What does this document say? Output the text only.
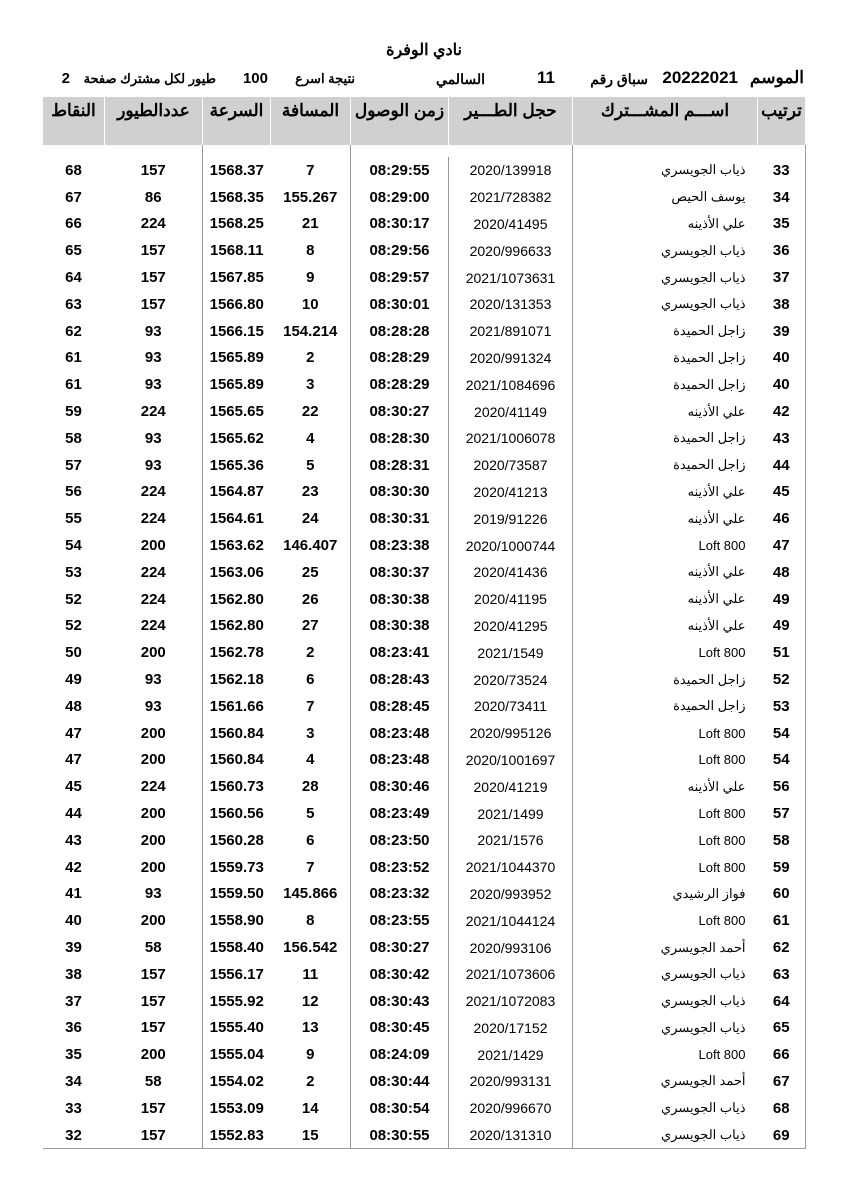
نادي الوفرة
الموسم
20222021
سباق رقم
11
السالمي
نتيجة اسرع
100
طيور لكل مشترك صفحة
2
ترتيب	اســـم المشـــترك	حجل الطـــير	زمن الوصول	المسافة	السرعة	عددالطيور	النقاط

33	ذياب الجويسري	2020/139918	08:29:55	7	1568.37	157	68
34	يوسف الحيص	2021/728382	08:29:00	155.267	1568.35	86	67
35	علي الأذينه	2020/41495	08:30:17	21	1568.25	224	66
36	ذياب الجويسري	2020/996633	08:29:56	8	1568.11	157	65
37	ذياب الجويسري	2021/1073631	08:29:57	9	1567.85	157	64
38	ذياب الجويسري	2020/131353	08:30:01	10	1566.80	157	63
39	زاجل الحميدة	2021/891071	08:28:28	154.214	1566.15	93	62
40	زاجل الحميدة	2020/991324	08:28:29	2	1565.89	93	61
40	زاجل الحميدة	2021/1084696	08:28:29	3	1565.89	93	61
42	علي الأذينه	2020/41149	08:30:27	22	1565.65	224	59
43	زاجل الحميدة	2021/1006078	08:28:30	4	1565.62	93	58
44	زاجل الحميدة	2020/73587	08:28:31	5	1565.36	93	57
45	علي الأذينه	2020/41213	08:30:30	23	1564.87	224	56
46	علي الأذينه	2019/91226	08:30:31	24	1564.61	224	55
47	Loft 800	2020/1000744	08:23:38	146.407	1563.62	200	54
48	علي الأذينه	2020/41436	08:30:37	25	1563.06	224	53
49	علي الأذينه	2020/41195	08:30:38	26	1562.80	224	52
49	علي الأذينه	2020/41295	08:30:38	27	1562.80	224	52
51	Loft 800	2021/1549	08:23:41	2	1562.78	200	50
52	زاجل الحميدة	2020/73524	08:28:43	6	1562.18	93	49
53	زاجل الحميدة	2020/73411	08:28:45	7	1561.66	93	48
54	Loft 800	2020/995126	08:23:48	3	1560.84	200	47
54	Loft 800	2020/1001697	08:23:48	4	1560.84	200	47
56	علي الأذينه	2020/41219	08:30:46	28	1560.73	224	45
57	Loft 800	2021/1499	08:23:49	5	1560.56	200	44
58	Loft 800	2021/1576	08:23:50	6	1560.28	200	43
59	Loft 800	2021/1044370	08:23:52	7	1559.73	200	42
60	فواز الرشيدي	2020/993952	08:23:32	145.866	1559.50	93	41
61	Loft 800	2021/1044124	08:23:55	8	1558.90	200	40
62	أحمد الجويسري	2020/993106	08:30:27	156.542	1558.40	58	39
63	ذياب الجويسري	2021/1073606	08:30:42	11	1556.17	157	38
64	ذياب الجويسري	2021/1072083	08:30:43	12	1555.92	157	37
65	ذياب الجويسري	2020/17152	08:30:45	13	1555.40	157	36
66	Loft 800	2021/1429	08:24:09	9	1555.04	200	35
67	أحمد الجويسري	2020/993131	08:30:44	2	1554.02	58	34
68	ذياب الجويسري	2020/996670	08:30:54	14	1553.09	157	33
69	ذياب الجويسري	2020/131310	08:30:55	15	1552.83	157	32
